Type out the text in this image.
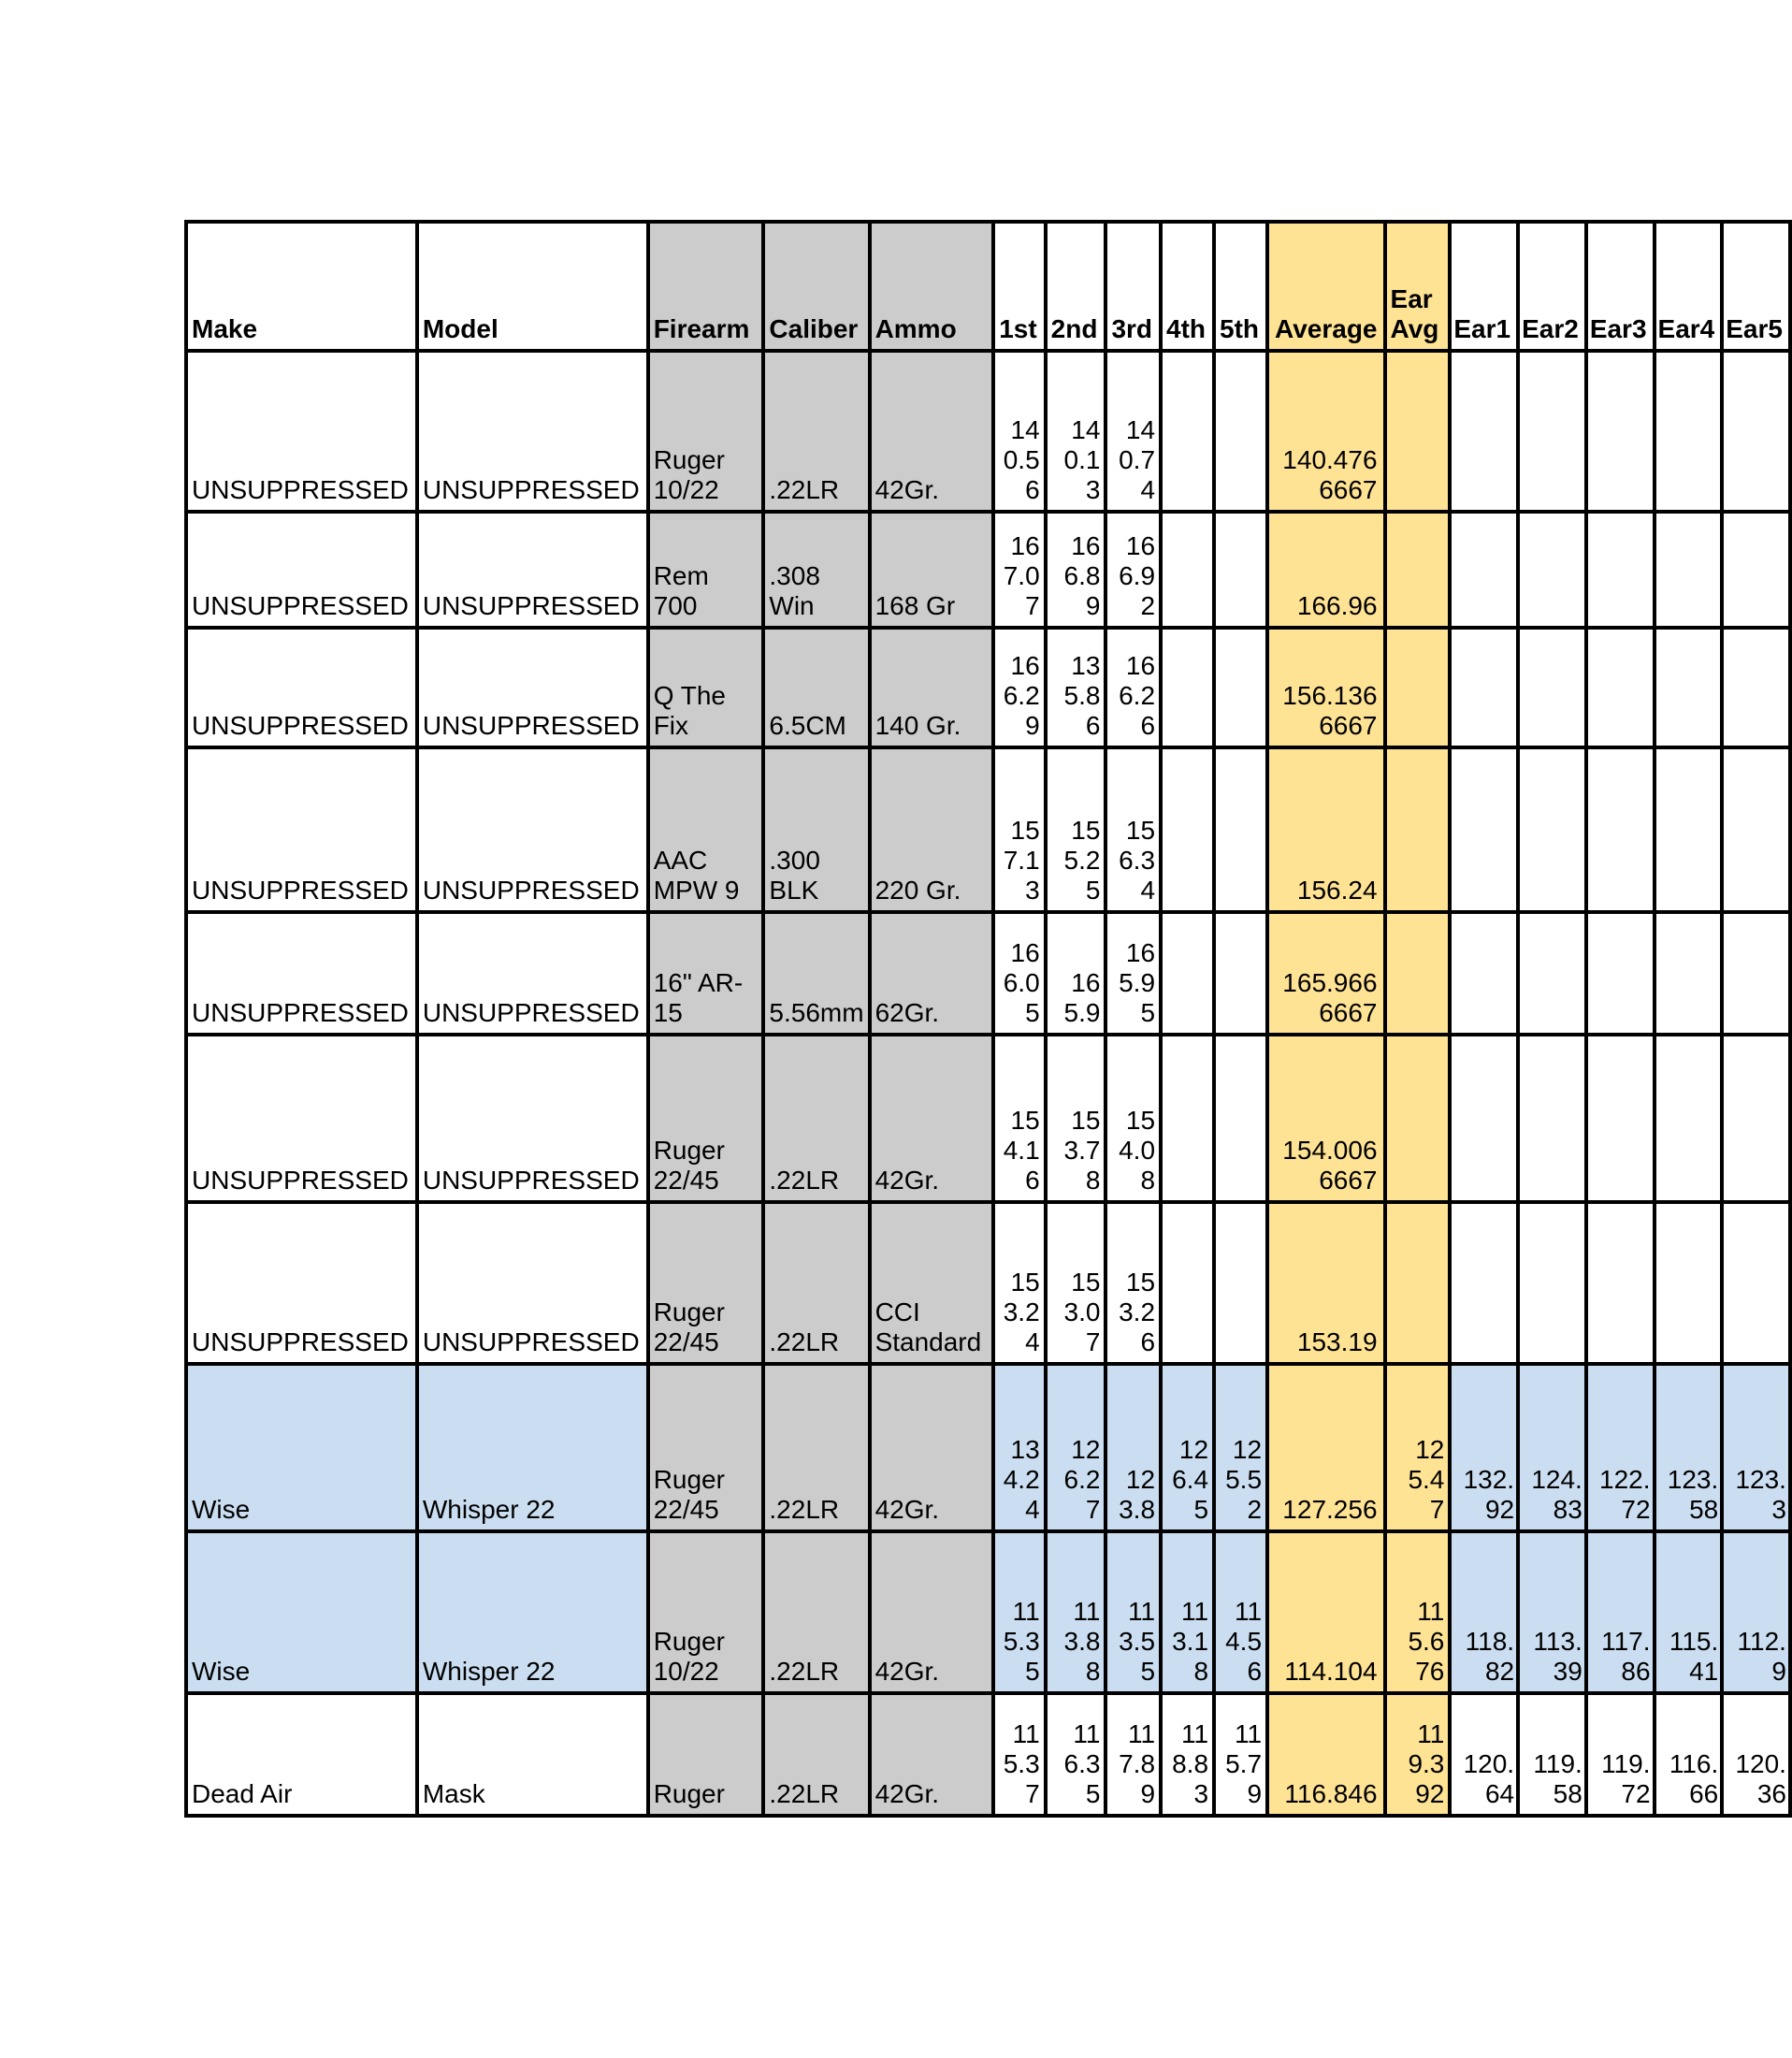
Make	Model	Firearm	Caliber	Ammo	1st	2nd	3rd	4th	5th	Average	Ear Avg	Ear1	Ear2	Ear3	Ear4	Ear5
UNSUPPRESSED	UNSUPPRESSED	Ruger 10/22	.22LR	42Gr.	140.56	140.13	140.74			140.4766667						
UNSUPPRESSED	UNSUPPRESSED	Rem 700	.308 Win	168 Gr	167.07	166.89	166.92			166.96						
UNSUPPRESSED	UNSUPPRESSED	Q The Fix	6.5CM	140 Gr.	166.29	135.86	166.26			156.1366667						
UNSUPPRESSED	UNSUPPRESSED	AAC MPW 9	.300 BLK	220 Gr.	157.13	155.25	156.34			156.24						
UNSUPPRESSED	UNSUPPRESSED	16" AR-15	5.56mm	62Gr.	166.05	165.9	165.95			165.9666667						
UNSUPPRESSED	UNSUPPRESSED	Ruger 22/45	.22LR	42Gr.	154.16	153.78	154.08			154.0066667						
UNSUPPRESSED	UNSUPPRESSED	Ruger 22/45	.22LR	CCI Standard	153.24	153.07	153.26			153.19						
Wise	Whisper 22	Ruger 22/45	.22LR	42Gr.	134.24	126.27	123.8	126.45	125.52	127.256	125.47	132.92	124.83	122.72	123.58	123.3
Wise	Whisper 22	Ruger 10/22	.22LR	42Gr.	115.35	113.88	113.55	113.18	114.56	114.104	115.676	118.82	113.39	117.86	115.41	112.9
Dead Air	Mask	Ruger	.22LR	42Gr.	115.37	116.35	117.89	118.83	115.79	116.846	119.392	120.64	119.58	119.72	116.66	120.36
